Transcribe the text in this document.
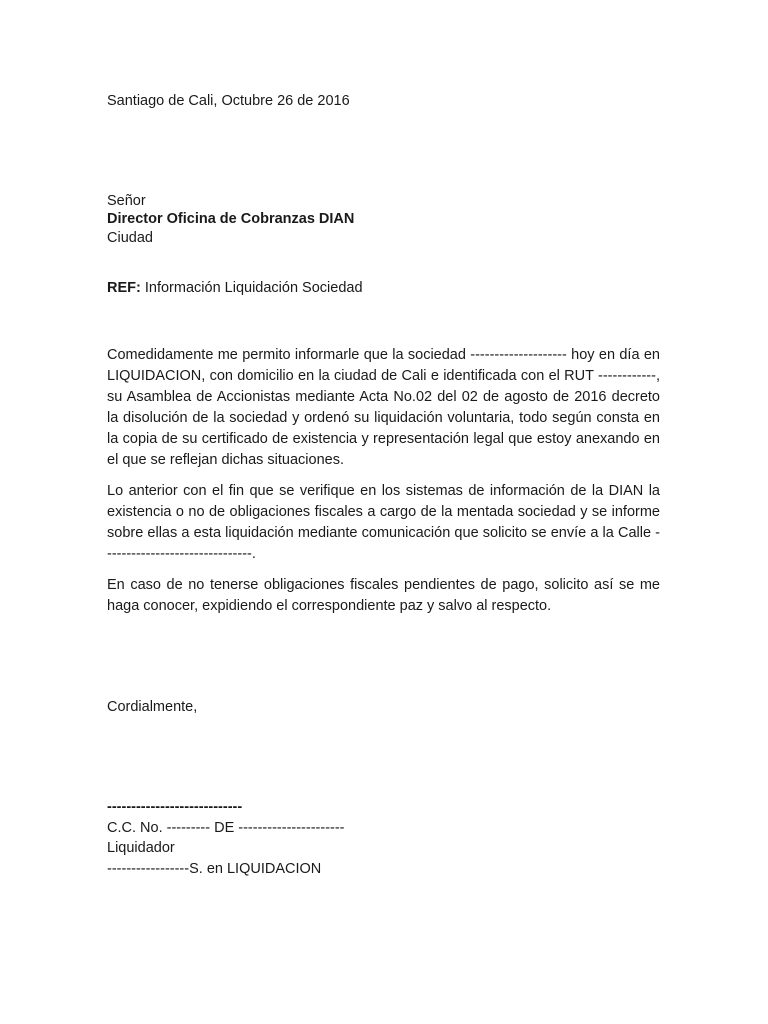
Santiago de Cali, Octubre 26 de 2016
Señor
Director Oficina de Cobranzas DIAN
Ciudad
REF: Información Liquidación Sociedad

Comedidamente me permito informarle que la sociedad -------------------- hoy en día en LIQUIDACION, con domicilio en la ciudad de Cali e identificada con el RUT ------------, su Asamblea de Accionistas mediante Acta No.02 del 02 de agosto de 2016 decreto la disolución de la sociedad y ordenó su liquidación voluntaria, todo según consta en la copia de su certificado de existencia y representación legal que estoy anexando en el que se reflejan dichas situaciones.

Lo anterior con el fin que se verifique en los sistemas de información de la DIAN la existencia o no de obligaciones fiscales a cargo de la mentada sociedad y se informe sobre ellas a esta liquidación mediante comunicación que solicito se envíe a la Calle -------------------------------.

En caso de no tenerse obligaciones fiscales pendientes de pago, solicito así se me haga conocer, expidiendo el correspondiente paz y salvo al respecto.

Cordialmente,
----------------------------
C.C. No. --------- DE ----------------------
Liquidador
-----------------S. en LIQUIDACION
